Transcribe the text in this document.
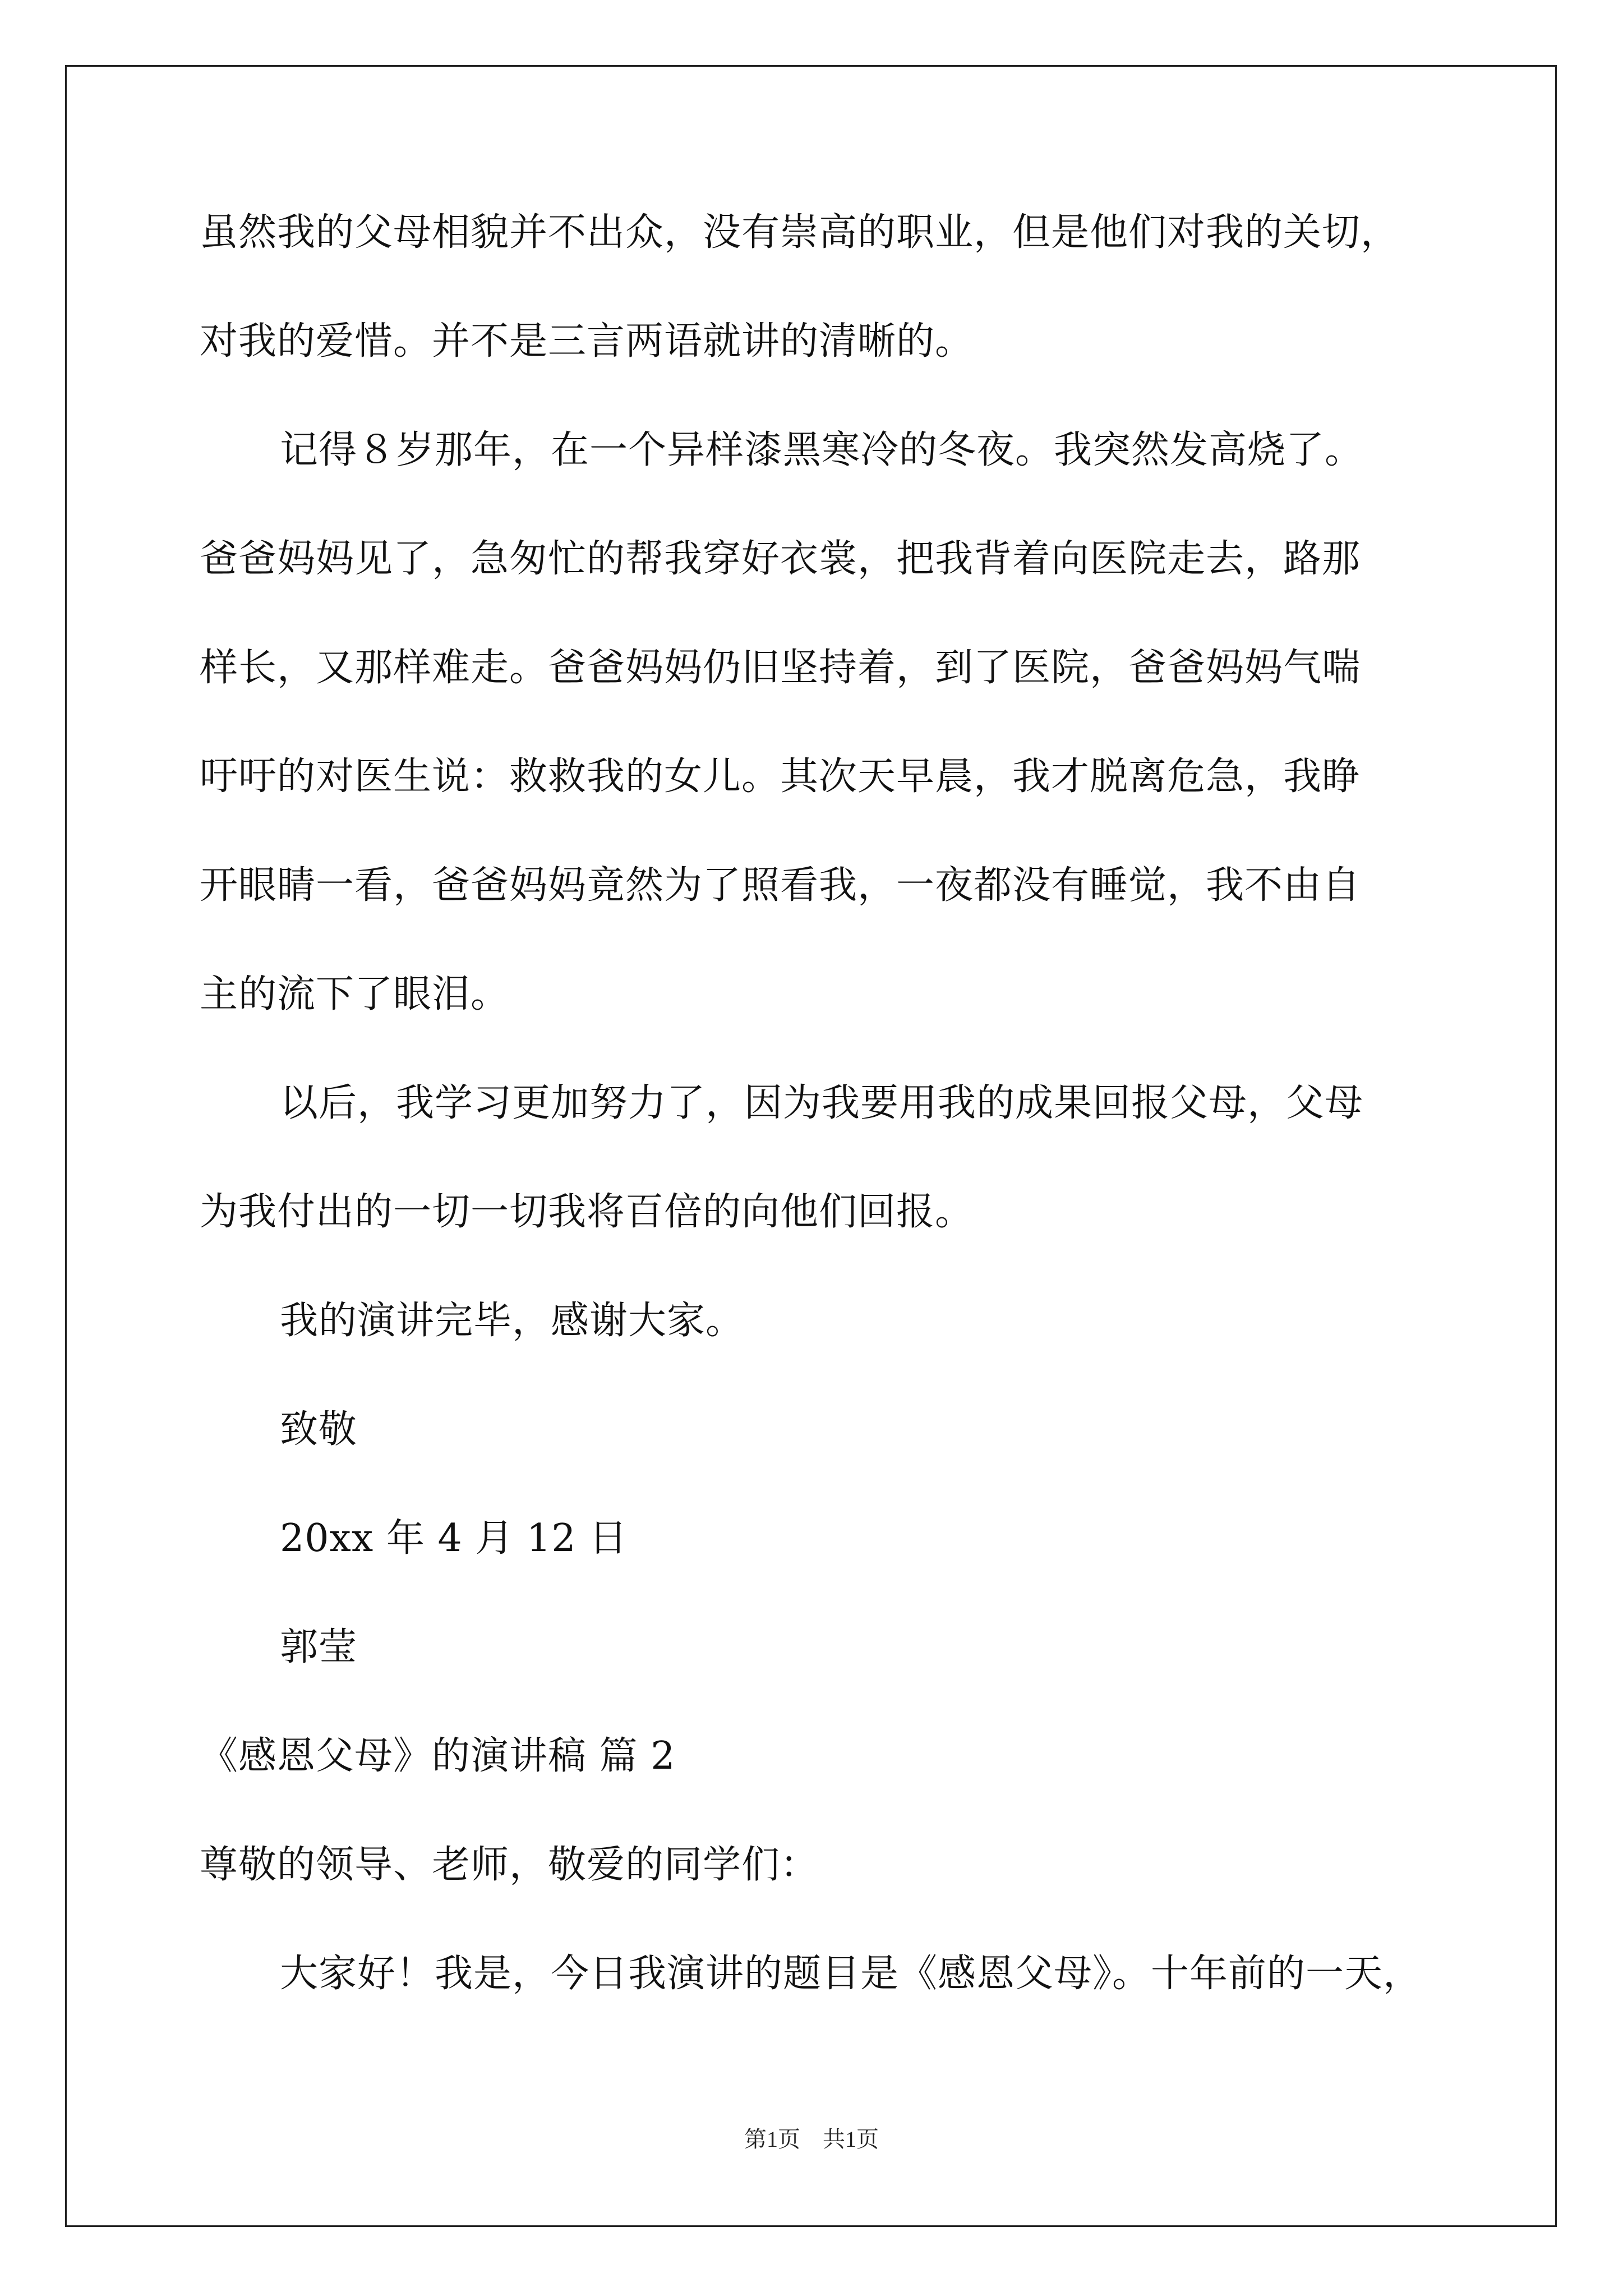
虽然我的父母相貌并不出众，没有崇高的职业，但是他们对我的关切，
对我的爱惜。并不是三言两语就讲的清晰的。
记得８岁那年，在一个异样漆黑寒冷的冬夜。我突然发高烧了。
爸爸妈妈见了，急匆忙的帮我穿好衣裳，把我背着向医院走去，路那
样长，又那样难走。爸爸妈妈仍旧坚持着，到了医院，爸爸妈妈气喘
吁吁的对医生说：救救我的女儿。其次天早晨，我才脱离危急，我睁
开眼睛一看，爸爸妈妈竟然为了照看我，一夜都没有睡觉，我不由自
主的流下了眼泪。
以后，我学习更加努力了，因为我要用我的成果回报父母，父母
为我付出的一切一切我将百倍的向他们回报。
我的演讲完毕，感谢大家。
致敬
20xx 年 4 月 12 日
郭莹
《感恩父母》的演讲稿 篇 2
尊敬的领导、老师，敬爱的同学们：
大家好！我是，今日我演讲的题目是《感恩父母》。十年前的一天，
第1页 共1页
